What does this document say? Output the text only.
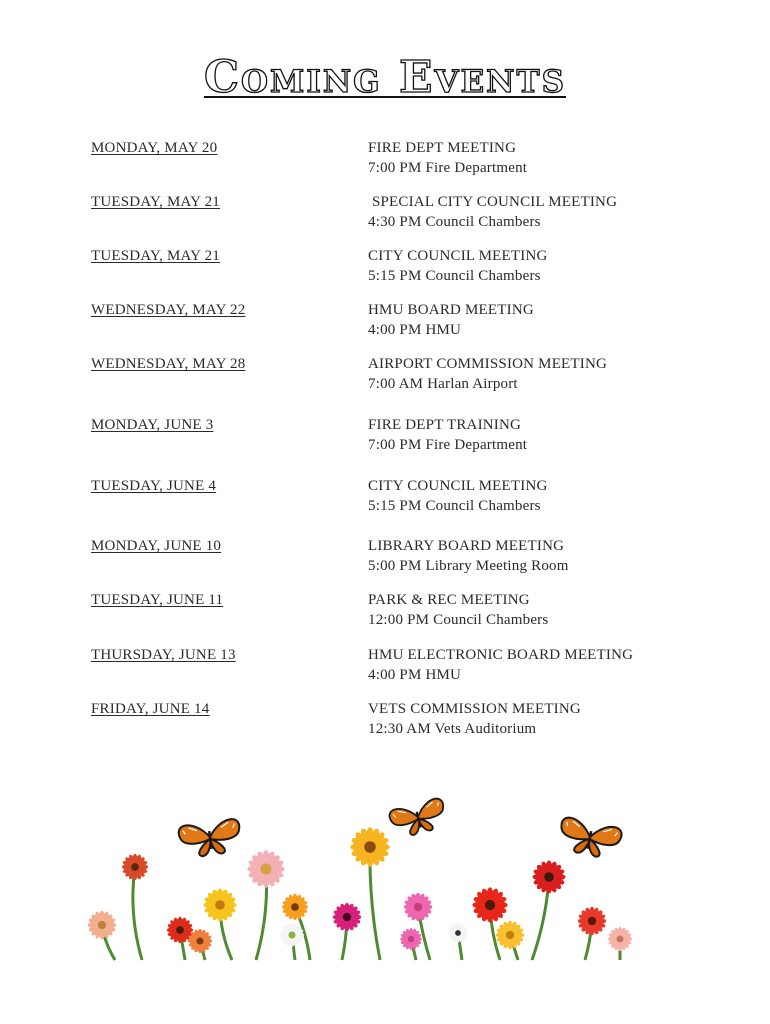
Coming Events
MONDAY, MAY 20	FIRE DEPT MEETING
7:00 PM Fire Department
TUESDAY, MAY 21	SPECIAL CITY COUNCIL MEETING
4:30 PM Council Chambers
TUESDAY, MAY 21	CITY COUNCIL MEETING
5:15 PM Council Chambers
WEDNESDAY, MAY 22	HMU BOARD MEETING
4:00 PM HMU
WEDNESDAY, MAY 28	AIRPORT COMMISSION MEETING
7:00 AM Harlan Airport
MONDAY, JUNE 3	FIRE DEPT TRAINING
7:00 PM Fire Department
TUESDAY, JUNE 4	CITY COUNCIL MEETING
5:15 PM Council Chambers
MONDAY, JUNE 10	LIBRARY BOARD MEETING
5:00 PM Library Meeting Room
TUESDAY, JUNE 11	PARK & REC MEETING
12:00 PM Council Chambers
THURSDAY, JUNE 13	HMU ELECTRONIC BOARD MEETING
4:00 PM HMU
FRIDAY, JUNE 14	VETS COMMISSION MEETING
12:30 AM Vets Auditorium
